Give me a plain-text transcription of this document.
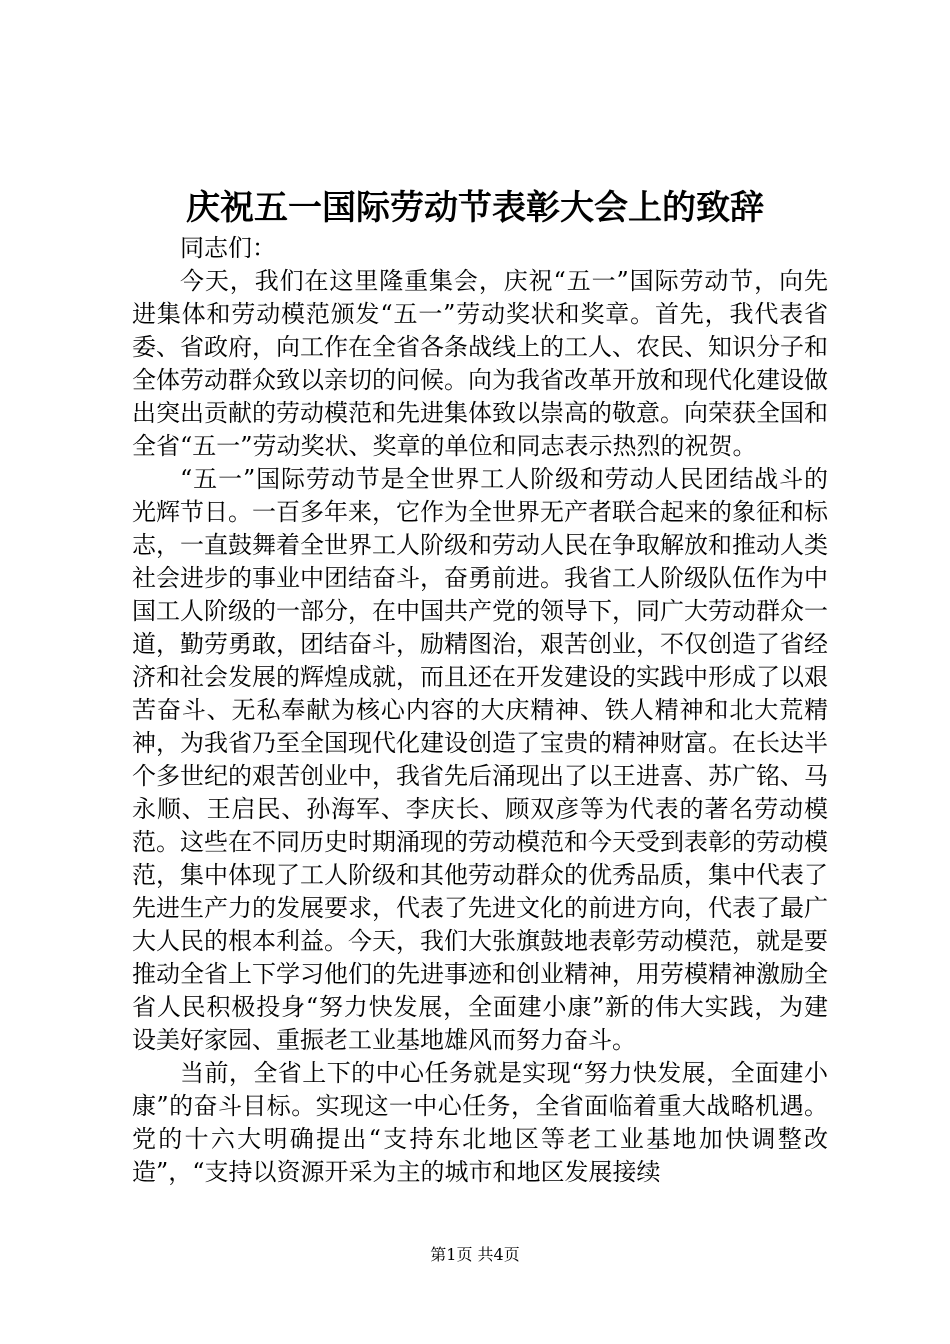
庆祝五一国际劳动节表彰大会上的致辞

同志们：

今天，我们在这里隆重集会，庆祝“五一”国际劳动节，向先进集体和劳动模范颁发“五一”劳动奖状和奖章。首先，我代表省委、省政府，向工作在全省各条战线上的工人、农民、知识分子和全体劳动群众致以亲切的问候。向为我省改革开放和现代化建设做出突出贡献的劳动模范和先进集体致以崇高的敬意。向荣获全国和全省“五一”劳动奖状、奖章的单位和同志表示热烈的祝贺。

“五一”国际劳动节是全世界工人阶级和劳动人民团结战斗的光辉节日。一百多年来，它作为全世界无产者联合起来的象征和标志，一直鼓舞着全世界工人阶级和劳动人民在争取解放和推动人类社会进步的事业中团结奋斗，奋勇前进。我省工人阶级队伍作为中国工人阶级的一部分，在中国共产党的领导下，同广大劳动群众一道，勤劳勇敢，团结奋斗，励精图治，艰苦创业，不仅创造了省经济和社会发展的辉煌成就，而且还在开发建设的实践中形成了以艰苦奋斗、无私奉献为核心内容的大庆精神、铁人精神和北大荒精神，为我省乃至全国现代化建设创造了宝贵的精神财富。在长达半个多世纪的艰苦创业中，我省先后涌现出了以王进喜、苏广铭、马永顺、王启民、孙海军、李庆长、顾双彦等为代表的著名劳动模范。这些在不同历史时期涌现的劳动模范和今天受到表彰的劳动模范，集中体现了工人阶级和其他劳动群众的优秀品质，集中代表了先进生产力的发展要求，代表了先进文化的前进方向，代表了最广大人民的根本利益。今天，我们大张旗鼓地表彰劳动模范，就是要推动全省上下学习他们的先进事迹和创业精神，用劳模精神激励全省人民积极投身“努力快发展，全面建小康”新的伟大实践，为建设美好家园、重振老工业基地雄风而努力奋斗。

当前，全省上下的中心任务就是实现“努力快发展，全面建小康”的奋斗目标。实现这一中心任务，全省面临着重大战略机遇。党的十六大明确提出“支持东北地区等老工业基地加快调整改造”，“支持以资源开采为主的城市和地区发展接续

第1页 共4页
